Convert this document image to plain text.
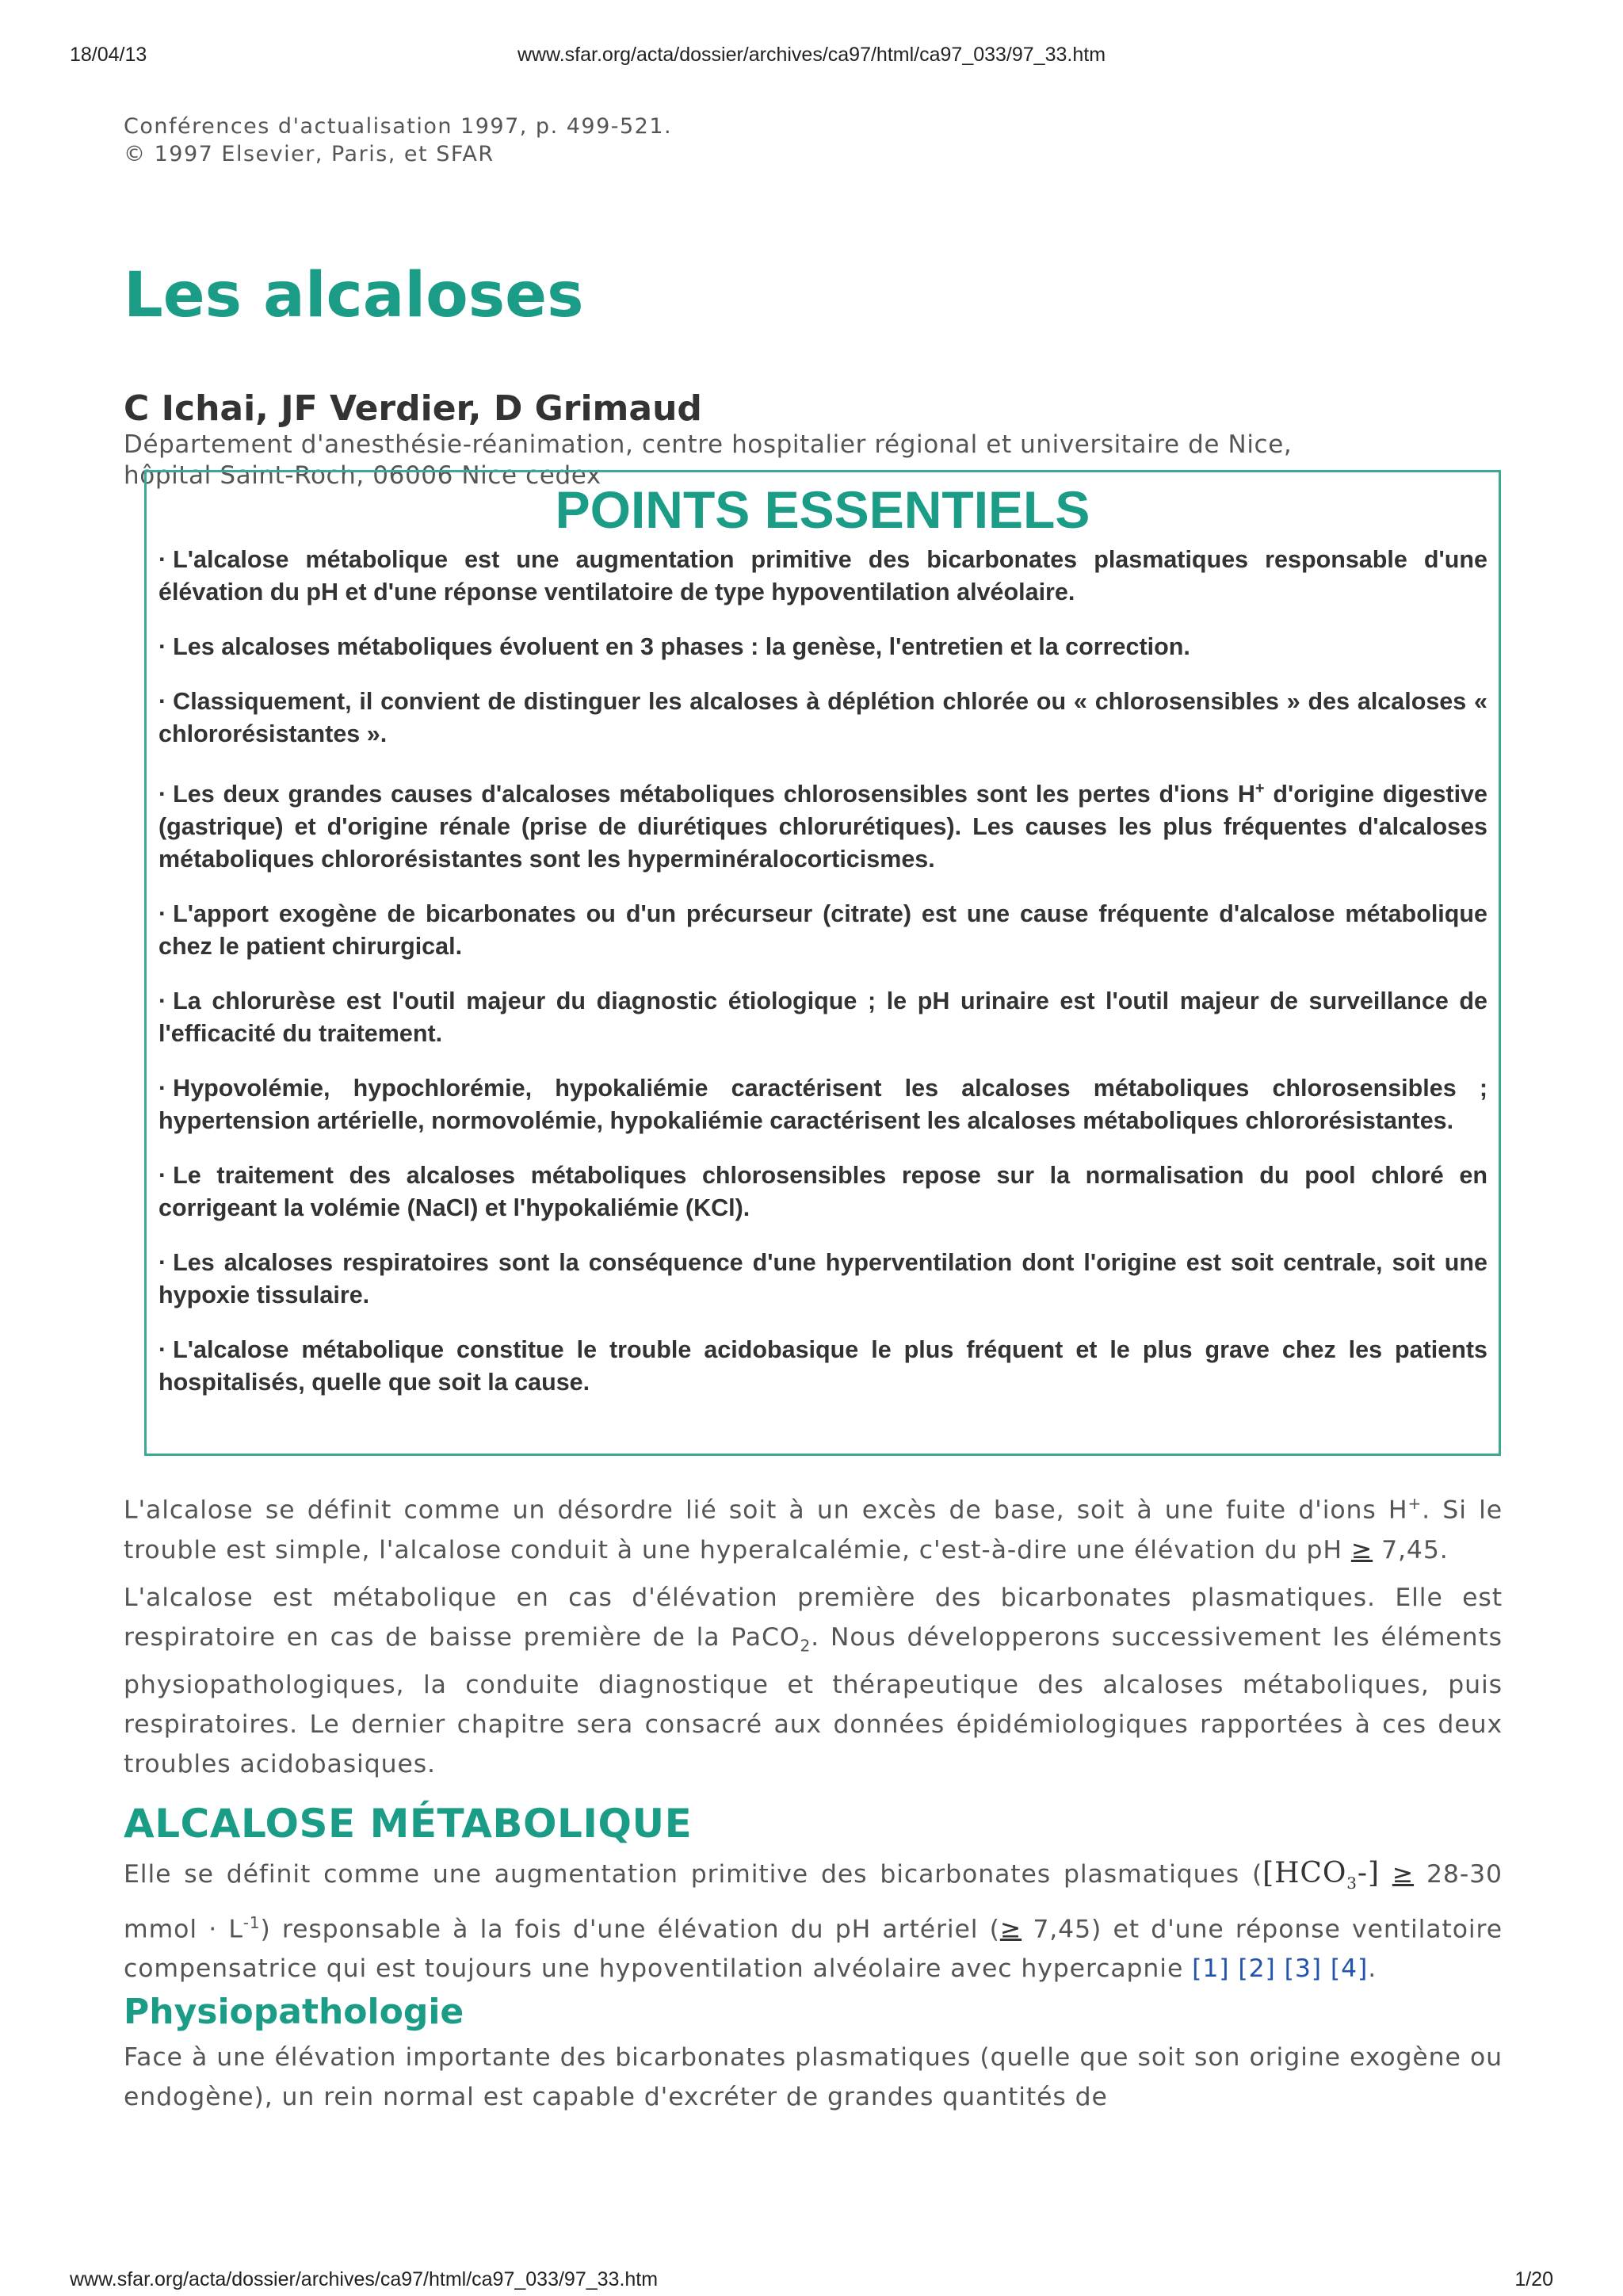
18/04/13	www.sfar.org/acta/dossier/archives/ca97/html/ca97_033/97_33.htm

Conférences d'actualisation 1997, p. 499-521.

© 1997 Elsevier, Paris, et SFAR

Les alcaloses

C Ichai, JF Verdier, D Grimaud

Département d'anesthésie-réanimation, centre hospitalier régional et universitaire de Nice,

hôpital Saint-Roch, 06006 Nice cedex

POINTS ESSENTIELS
· L'alcalose métabolique est une augmentation primitive des bicarbonates plasmatiques responsable d'une élévation du pH et d'une réponse ventilatoire de type hypoventilation alvéolaire.
· Les alcaloses métaboliques évoluent en 3 phases : la genèse, l'entretien et la correction.
· Classiquement, il convient de distinguer les alcaloses à déplétion chlorée ou « chlorosensibles » des alcaloses « chlororésistantes ».
· Les deux grandes causes d'alcaloses métaboliques chlorosensibles sont les pertes d'ions H+ d'origine digestive (gastrique) et d'origine rénale (prise de diurétiques chlorurétiques). Les causes les plus fréquentes d'alcaloses métaboliques chlororésistantes sont les hyperminéralocorticismes.
· L'apport exogène de bicarbonates ou d'un précurseur (citrate) est une cause fréquente d'alcalose métabolique chez le patient chirurgical.
· La chlorurèse est l'outil majeur du diagnostic étiologique ; le pH urinaire est l'outil majeur de surveillance de l'efficacité du traitement.
· Hypovolémie, hypochlorémie, hypokaliémie caractérisent les alcaloses métaboliques chlorosensibles ; hypertension artérielle, normovolémie, hypokaliémie caractérisent les alcaloses métaboliques chlororésistantes.
· Le traitement des alcaloses métaboliques chlorosensibles repose sur la normalisation du pool chloré en corrigeant la volémie (NaCl) et l'hypokaliémie (KCl).
· Les alcaloses respiratoires sont la conséquence d'une hyperventilation dont l'origine est soit centrale, soit une hypoxie tissulaire.
· L'alcalose métabolique constitue le trouble acidobasique le plus fréquent et le plus grave chez les patients hospitalisés, quelle que soit la cause.

L'alcalose se définit comme un désordre lié soit à un excès de base, soit à une fuite d'ions H+. Si le trouble est simple, l'alcalose conduit à une hyperalcalémie, c'est-à-dire une élévation du pH ≥ 7,45.

L'alcalose est métabolique en cas d'élévation première des bicarbonates plasmatiques. Elle est respiratoire en cas de baisse première de la PaCO$_2$. Nous développerons successivement les éléments physiopathologiques, la conduite diagnostique et thérapeutique des alcaloses métaboliques, puis respiratoires. Le dernier chapitre sera consacré aux données épidémiologiques rapportées à ces deux troubles acidobasiques.

ALCALOSE MÉTABOLIQUE

Elle se définit comme une augmentation primitive des bicarbonates plasmatiques ($[HCO_3-] \ge 28-30$ mmol · $L^{-1}$) responsable à la fois d'une élévation du pH artériel (≥ 7,45) et d'une réponse ventilatoire compensatrice qui est toujours une hypoventilation alvéolaire avec hypercapnie [1] [2] [3] [4].

Physiopathologie

Face à une élévation importante des bicarbonates plasmatiques (quelle que soit son origine exogène ou endogène), un rein normal est capable d'excréter de grandes quantités de

www.sfar.org/acta/dossier/archives/ca97/html/ca97_033/97_33.htm	1/20
